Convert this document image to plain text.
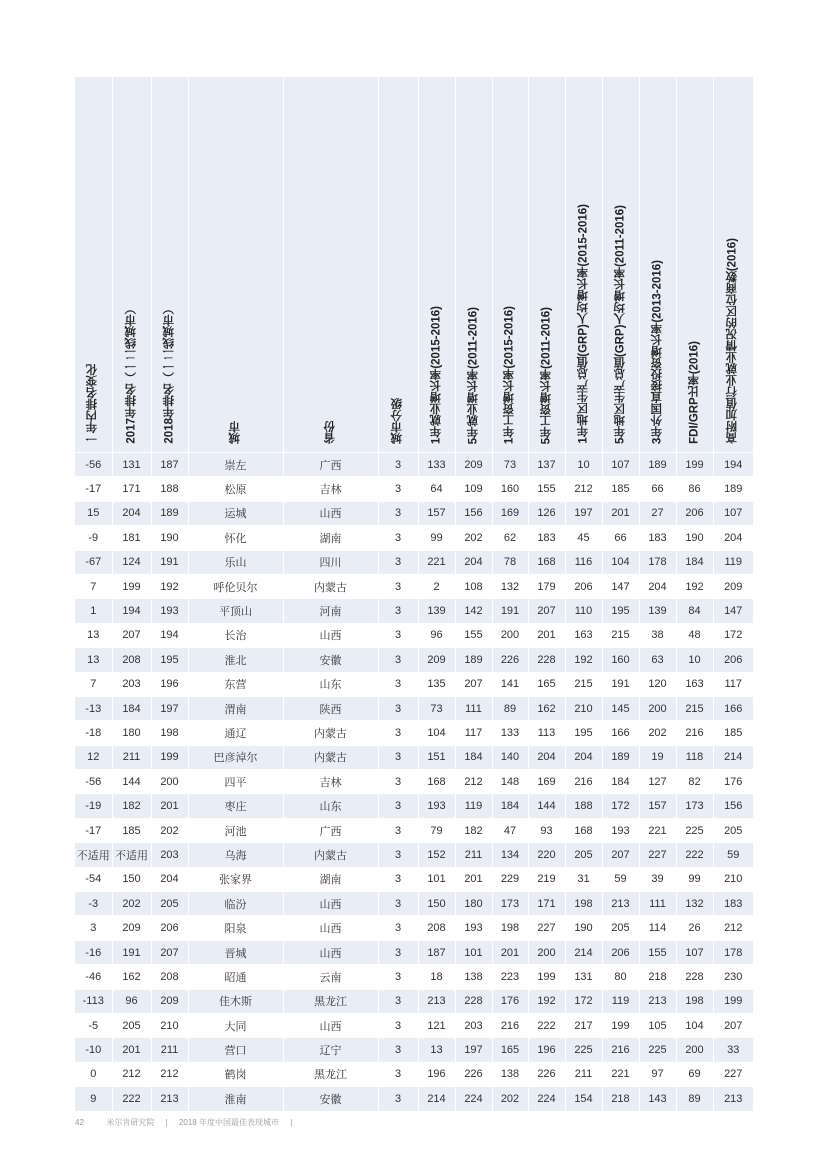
一年内排名变化	2017年排名（一二线城市）	2018年排名（一二线城市）	城市	省份	城市分级	1年就业增长率(2015-2016)	5年就业增长率(2011-2016)	1年工资增长率(2015-2016)	5年工资增长率(2011-2016)	1年地区生产总值(GRP)人均增长率(2015-2016)	5年地区生产总值(GRP)人均增长率(2011-2016)	3年外国直接投资增长率(2013-2016)	FDI/GRP比率(2016)	高附加值行业就业情况的区位商数(2016)

-56	131	187	崇左	广西	3	133	209	73	137	10	107	189	199	194
-17	171	188	松原	吉林	3	64	109	160	155	212	185	66	86	189
15	204	189	运城	山西	3	157	156	169	126	197	201	27	206	107
-9	181	190	怀化	湖南	3	99	202	62	183	45	66	183	190	204
-67	124	191	乐山	四川	3	221	204	78	168	116	104	178	184	119
7	199	192	呼伦贝尔	内蒙古	3	2	108	132	179	206	147	204	192	209
1	194	193	平顶山	河南	3	139	142	191	207	110	195	139	84	147
13	207	194	长治	山西	3	96	155	200	201	163	215	38	48	172
13	208	195	淮北	安徽	3	209	189	226	228	192	160	63	10	206
7	203	196	东营	山东	3	135	207	141	165	215	191	120	163	117
-13	184	197	渭南	陕西	3	73	111	89	162	210	145	200	215	166
-18	180	198	通辽	内蒙古	3	104	117	133	113	195	166	202	216	185
12	211	199	巴彦淖尔	内蒙古	3	151	184	140	204	204	189	19	118	214
-56	144	200	四平	吉林	3	168	212	148	169	216	184	127	82	176
-19	182	201	枣庄	山东	3	193	119	184	144	188	172	157	173	156
-17	185	202	河池	广西	3	79	182	47	93	168	193	221	225	205
不适用	不适用	203	乌海	内蒙古	3	152	211	134	220	205	207	227	222	59
-54	150	204	张家界	湖南	3	101	201	229	219	31	59	39	99	210
-3	202	205	临汾	山西	3	150	180	173	171	198	213	111	132	183
3	209	206	阳泉	山西	3	208	193	198	227	190	205	114	26	212
-16	191	207	晋城	山西	3	187	101	201	200	214	206	155	107	178
-46	162	208	昭通	云南	3	18	138	223	199	131	80	218	228	230
-113	96	209	佳木斯	黑龙江	3	213	228	176	192	172	119	213	198	199
-5	205	210	大同	山西	3	121	203	216	222	217	199	105	104	207
-10	201	211	营口	辽宁	3	13	197	165	196	225	216	225	200	33
0	212	212	鹤岗	黑龙江	3	196	226	138	226	211	221	97	69	227
9	222	213	淮南	安徽	3	214	224	202	224	154	218	143	89	213
42	米尔肯研究院 | 2018 年度中国最佳表现城市 |
